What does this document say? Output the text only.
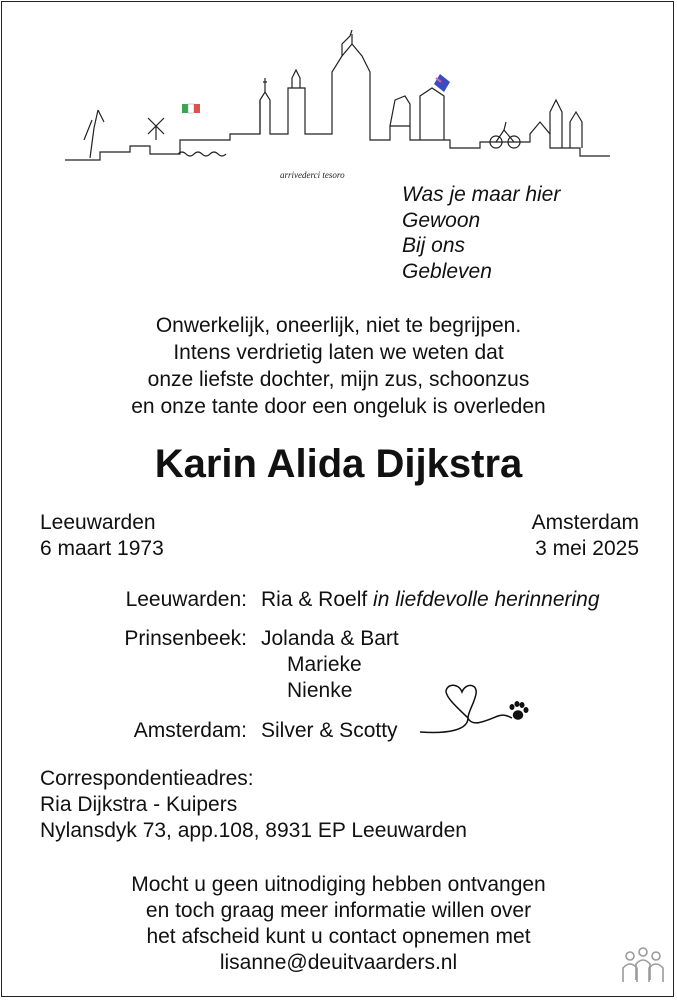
arrivederci tesoro
Was je maar hier
Gewoon
Bij ons
Gebleven
Onwerkelijk, oneerlijk, niet te begrijpen.
Intens verdrietig laten we weten dat
onze liefste dochter, mijn zus, schoonzus
en onze tante door een ongeluk is overleden
Karin Alida Dijkstra
Leeuwarden
6 maart 1973
Amsterdam
3 mei 2025
Leeuwarden: Ria & Roelf in liefdevolle herinnering
Prinsenbeek: Jolanda & Bart
Marieke
Nienke
Amsterdam: Silver & Scotty
Correspondentieadres:
Ria Dijkstra - Kuipers
Nylansdyk 73, app.108, 8931 EP Leeuwarden
Mocht u geen uitnodiging hebben ontvangen
en toch graag meer informatie willen over
het afscheid kunt u contact opnemen met
lisanne@deuitvaarders.nl
